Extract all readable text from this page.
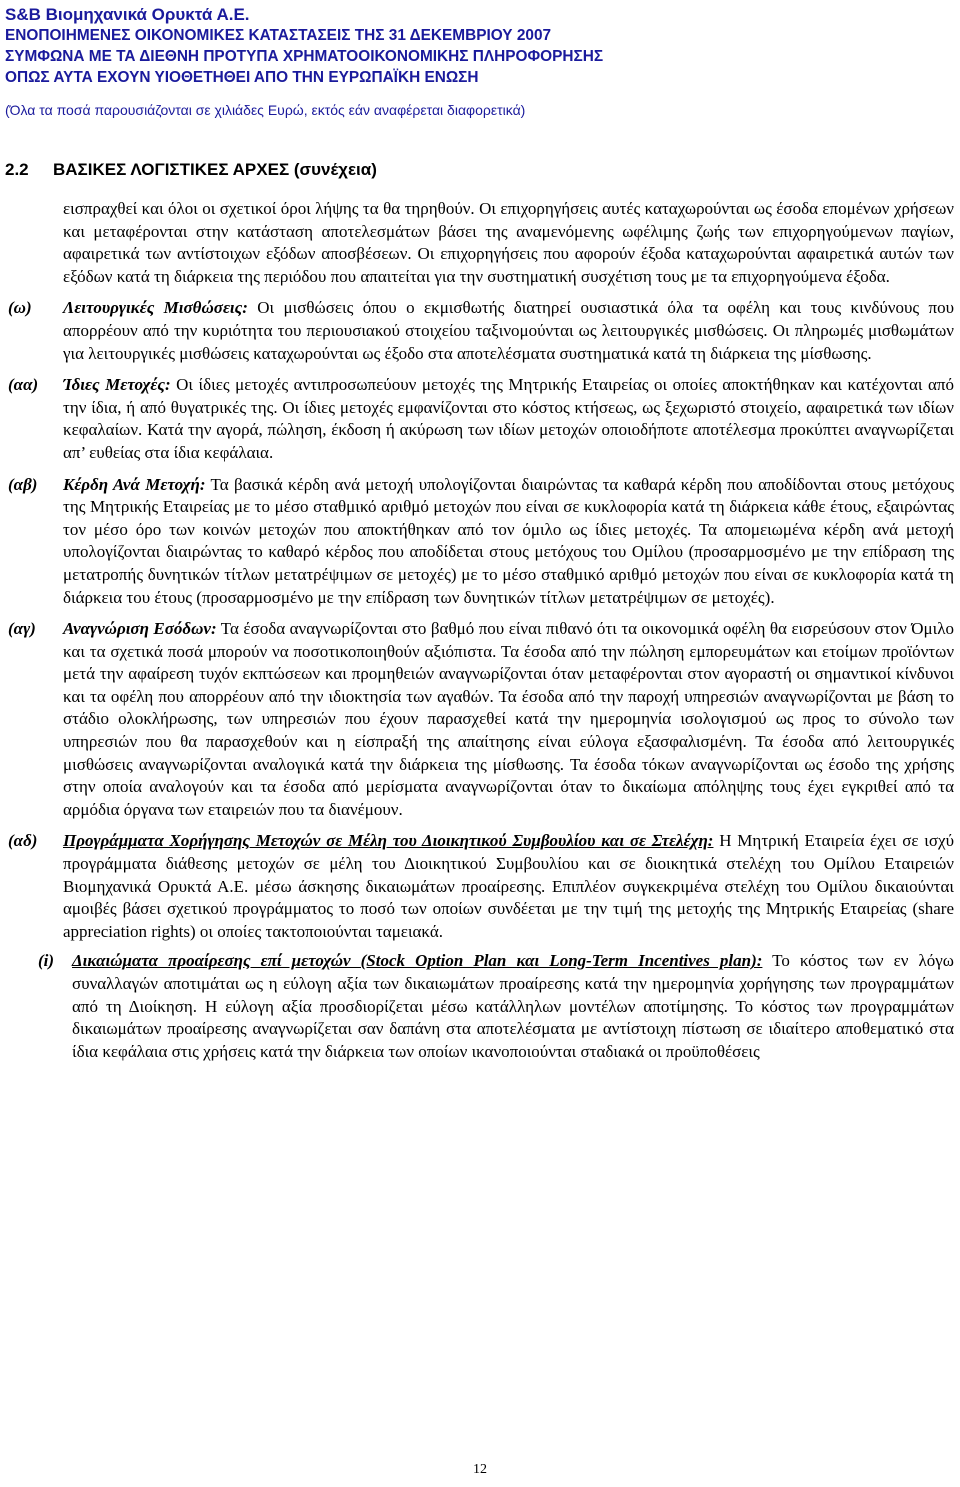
S&B Βιομηχανικά Ορυκτά Α.Ε.
ΕΝΟΠΟΙΗΜΕΝΕΣ ΟΙΚΟΝΟΜΙΚΕΣ ΚΑΤΑΣΤΑΣΕΙΣ ΤΗΣ 31 ΔΕΚΕΜΒΡΙΟΥ 2007
ΣΥΜΦΩΝΑ ΜΕ ΤΑ ΔΙΕΘΝΗ ΠΡΟΤΥΠΑ ΧΡΗΜΑΤΟΟΙΚΟΝΟΜΙΚΗΣ ΠΛΗΡΟΦΟΡΗΣΗΣ
ΟΠΩΣ ΑΥΤΑ ΕΧΟΥΝ ΥΙΟΘΕΤΗΘΕΙ ΑΠΟ ΤΗΝ ΕΥΡΩΠΑΪΚΗ ΕΝΩΣΗ
(Όλα τα ποσά παρουσιάζονται σε χιλιάδες Ευρώ, εκτός εάν αναφέρεται διαφορετικά)
2.2 ΒΑΣΙΚΕΣ ΛΟΓΙΣΤΙΚΕΣ ΑΡΧΕΣ (συνέχεια)

εισπραχθεί και όλοι οι σχετικοί όροι λήψης τα θα τηρηθούν. Οι επιχορηγήσεις αυτές καταχωρούνται ως έσοδα επομένων χρήσεων και μεταφέρονται στην κατάσταση αποτελεσμάτων βάσει της αναμενόμενης ωφέλιμης ζωής των επιχορηγούμενων παγίων, αφαιρετικά των αντίστοιχων εξόδων αποσβέσεων. Οι επιχορηγήσεις που αφορούν έξοδα καταχωρούνται αφαιρετικά αυτών των εξόδων κατά τη διάρκεια της περιόδου που απαιτείται για την συστηματική συσχέτιση τους με τα επιχορηγούμενα έξοδα.

(ω) Λειτουργικές Μισθώσεις: Οι μισθώσεις όπου ο εκμισθωτής διατηρεί ουσιαστικά όλα τα οφέλη και τους κινδύνους που απορρέουν από την κυριότητα του περιουσιακού στοιχείου ταξινομούνται ως λειτουργικές μισθώσεις. Οι πληρωμές μισθωμάτων για λειτουργικές μισθώσεις καταχωρούνται ως έξοδο στα αποτελέσματα συστηματικά κατά τη διάρκεια της μίσθωσης.
(αα) Ίδιες Μετοχές: Οι ίδιες μετοχές αντιπροσωπεύουν μετοχές της Μητρικής Εταιρείας οι οποίες αποκτήθηκαν και κατέχονται από την ίδια, ή από θυγατρικές της. Οι ίδιες μετοχές εμφανίζονται στο κόστος κτήσεως, ως ξεχωριστό στοιχείο, αφαιρετικά των ιδίων κεφαλαίων. Κατά την αγορά, πώληση, έκδοση ή ακύρωση των ιδίων μετοχών οποιοδήποτε αποτέλεσμα προκύπτει αναγνωρίζεται απ’ ευθείας στα ίδια κεφάλαια.
(αβ) Κέρδη Ανά Μετοχή: Τα βασικά κέρδη ανά μετοχή υπολογίζονται διαιρώντας τα καθαρά κέρδη που αποδίδονται στους μετόχους της Μητρικής Εταιρείας με το μέσο σταθμικό αριθμό μετοχών που είναι σε κυκλοφορία κατά τη διάρκεια κάθε έτους, εξαιρώντας τον μέσο όρο των κοινών μετοχών που αποκτήθηκαν από τον όμιλο ως ίδιες μετοχές. Τα απομειωμένα κέρδη ανά μετοχή υπολογίζονται διαιρώντας το καθαρό κέρδος που αποδίδεται στους μετόχους του Ομίλου (προσαρμοσμένο με την επίδραση της μετατροπής δυνητικών τίτλων μετατρέψιμων σε μετοχές) με το μέσο σταθμικό αριθμό μετοχών που είναι σε κυκλοφορία κατά τη διάρκεια του έτους (προσαρμοσμένο με την επίδραση των δυνητικών τίτλων μετατρέψιμων σε μετοχές).
(αγ) Αναγνώριση Εσόδων: Τα έσοδα αναγνωρίζονται στο βαθμό που είναι πιθανό ότι τα οικονομικά οφέλη θα εισρεύσουν στον Όμιλο και τα σχετικά ποσά μπορούν να ποσοτικοποιηθούν αξιόπιστα. Τα έσοδα από την πώληση εμπορευμάτων και ετοίμων προϊόντων μετά την αφαίρεση τυχόν εκπτώσεων και προμηθειών αναγνωρίζονται όταν μεταφέρονται στον αγοραστή οι σημαντικοί κίνδυνοι και τα οφέλη που απορρέουν από την ιδιοκτησία των αγαθών. Τα έσοδα από την παροχή υπηρεσιών αναγνωρίζονται με βάση το στάδιο ολοκλήρωσης, των υπηρεσιών που έχουν παρασχεθεί κατά την ημερομηνία ισολογισμού ως προς το σύνολο των υπηρεσιών που θα παρασχεθούν και η είσπραξή της απαίτησης είναι εύλογα εξασφαλισμένη. Τα έσοδα από λειτουργικές μισθώσεις αναγνωρίζονται αναλογικά κατά την διάρκεια της μίσθωσης. Τα έσοδα τόκων αναγνωρίζονται ως έσοδο της χρήσης στην οποία αναλογούν και τα έσοδα από μερίσματα αναγνωρίζονται όταν το δικαίωμα απόληψης τους έχει εγκριθεί από τα αρμόδια όργανα των εταιρειών που τα διανέμουν.
(αδ) Προγράμματα Χορήγησης Μετοχών σε Μέλη του Διοικητικού Συμβουλίου και σε Στελέχη: Η Μητρική Εταιρεία έχει σε ισχύ προγράμματα διάθεσης μετοχών σε μέλη του Διοικητικού Συμβουλίου και σε διοικητικά στελέχη του Ομίλου Εταιρειών Βιομηχανικά Ορυκτά Α.Ε. μέσω άσκησης δικαιωμάτων προαίρεσης. Επιπλέον συγκεκριμένα στελέχη του Ομίλου δικαιούνται αμοιβές βάσει σχετικού προγράμματος το ποσό των οποίων συνδέεται με την τιμή της μετοχής της Μητρικής Εταιρείας (share appreciation rights) οι οποίες τακτοποιούνται ταμειακά.
(i) Δικαιώματα προαίρεσης επί μετοχών (Stock Option Plan και Long-Term Incentives plan): Το κόστος των εν λόγω συναλλαγών αποτιμάται ως η εύλογη αξία των δικαιωμάτων προαίρεσης κατά την ημερομηνία χορήγησης των προγραμμάτων από τη Διοίκηση. Η εύλογη αξία προσδιορίζεται μέσω κατάλληλων μοντέλων αποτίμησης. Το κόστος των προγραμμάτων δικαιωμάτων προαίρεσης αναγνωρίζεται σαν δαπάνη στα αποτελέσματα με αντίστοιχη πίστωση σε ιδιαίτερο αποθεματικό στα ίδια κεφάλαια στις χρήσεις κατά την διάρκεια των οποίων ικανοποιούνται σταδιακά οι προϋποθέσεις
12
